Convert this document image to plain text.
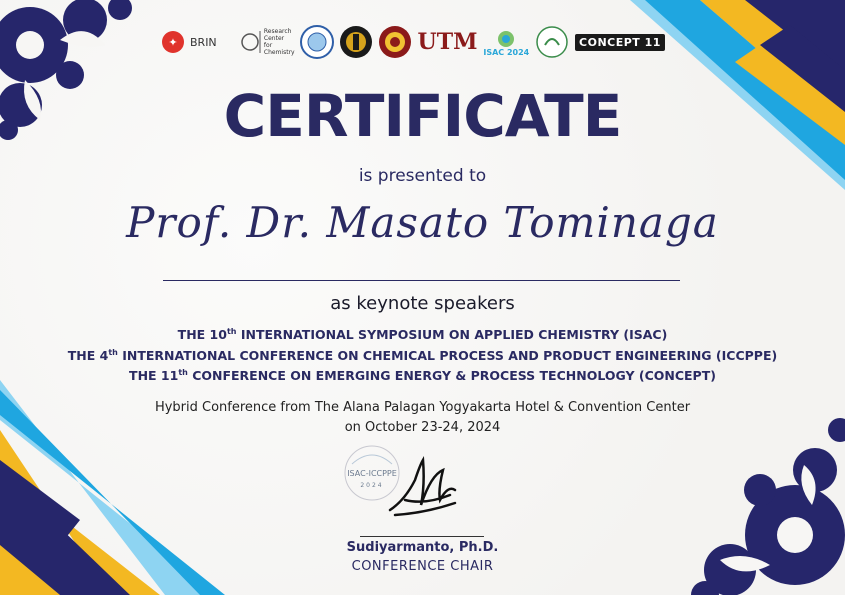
✦ BRIN
Research Center for Chemistry	UTM ISAC 2024
CONCEPT 11
CERTIFICATE
is presented to
Prof. Dr. Masato Tominaga
as keynote speakers
THE 10th INTERNATIONAL SYMPOSIUM ON APPLIED CHEMISTRY (ISAC)
THE 4th INTERNATIONAL CONFERENCE ON CHEMICAL PROCESS AND PRODUCT ENGINEERING (ICCPPE)
THE 11th CONFERENCE ON EMERGING ENERGY & PROCESS TECHNOLOGY (CONCEPT)
Hybrid Conference from The Alana Palagan Yogyakarta Hotel & Convention Center
on October 23-24, 2024
ISAC-ICCPPE
2024
Sudiyarmanto, Ph.D.
CONFERENCE CHAIR
